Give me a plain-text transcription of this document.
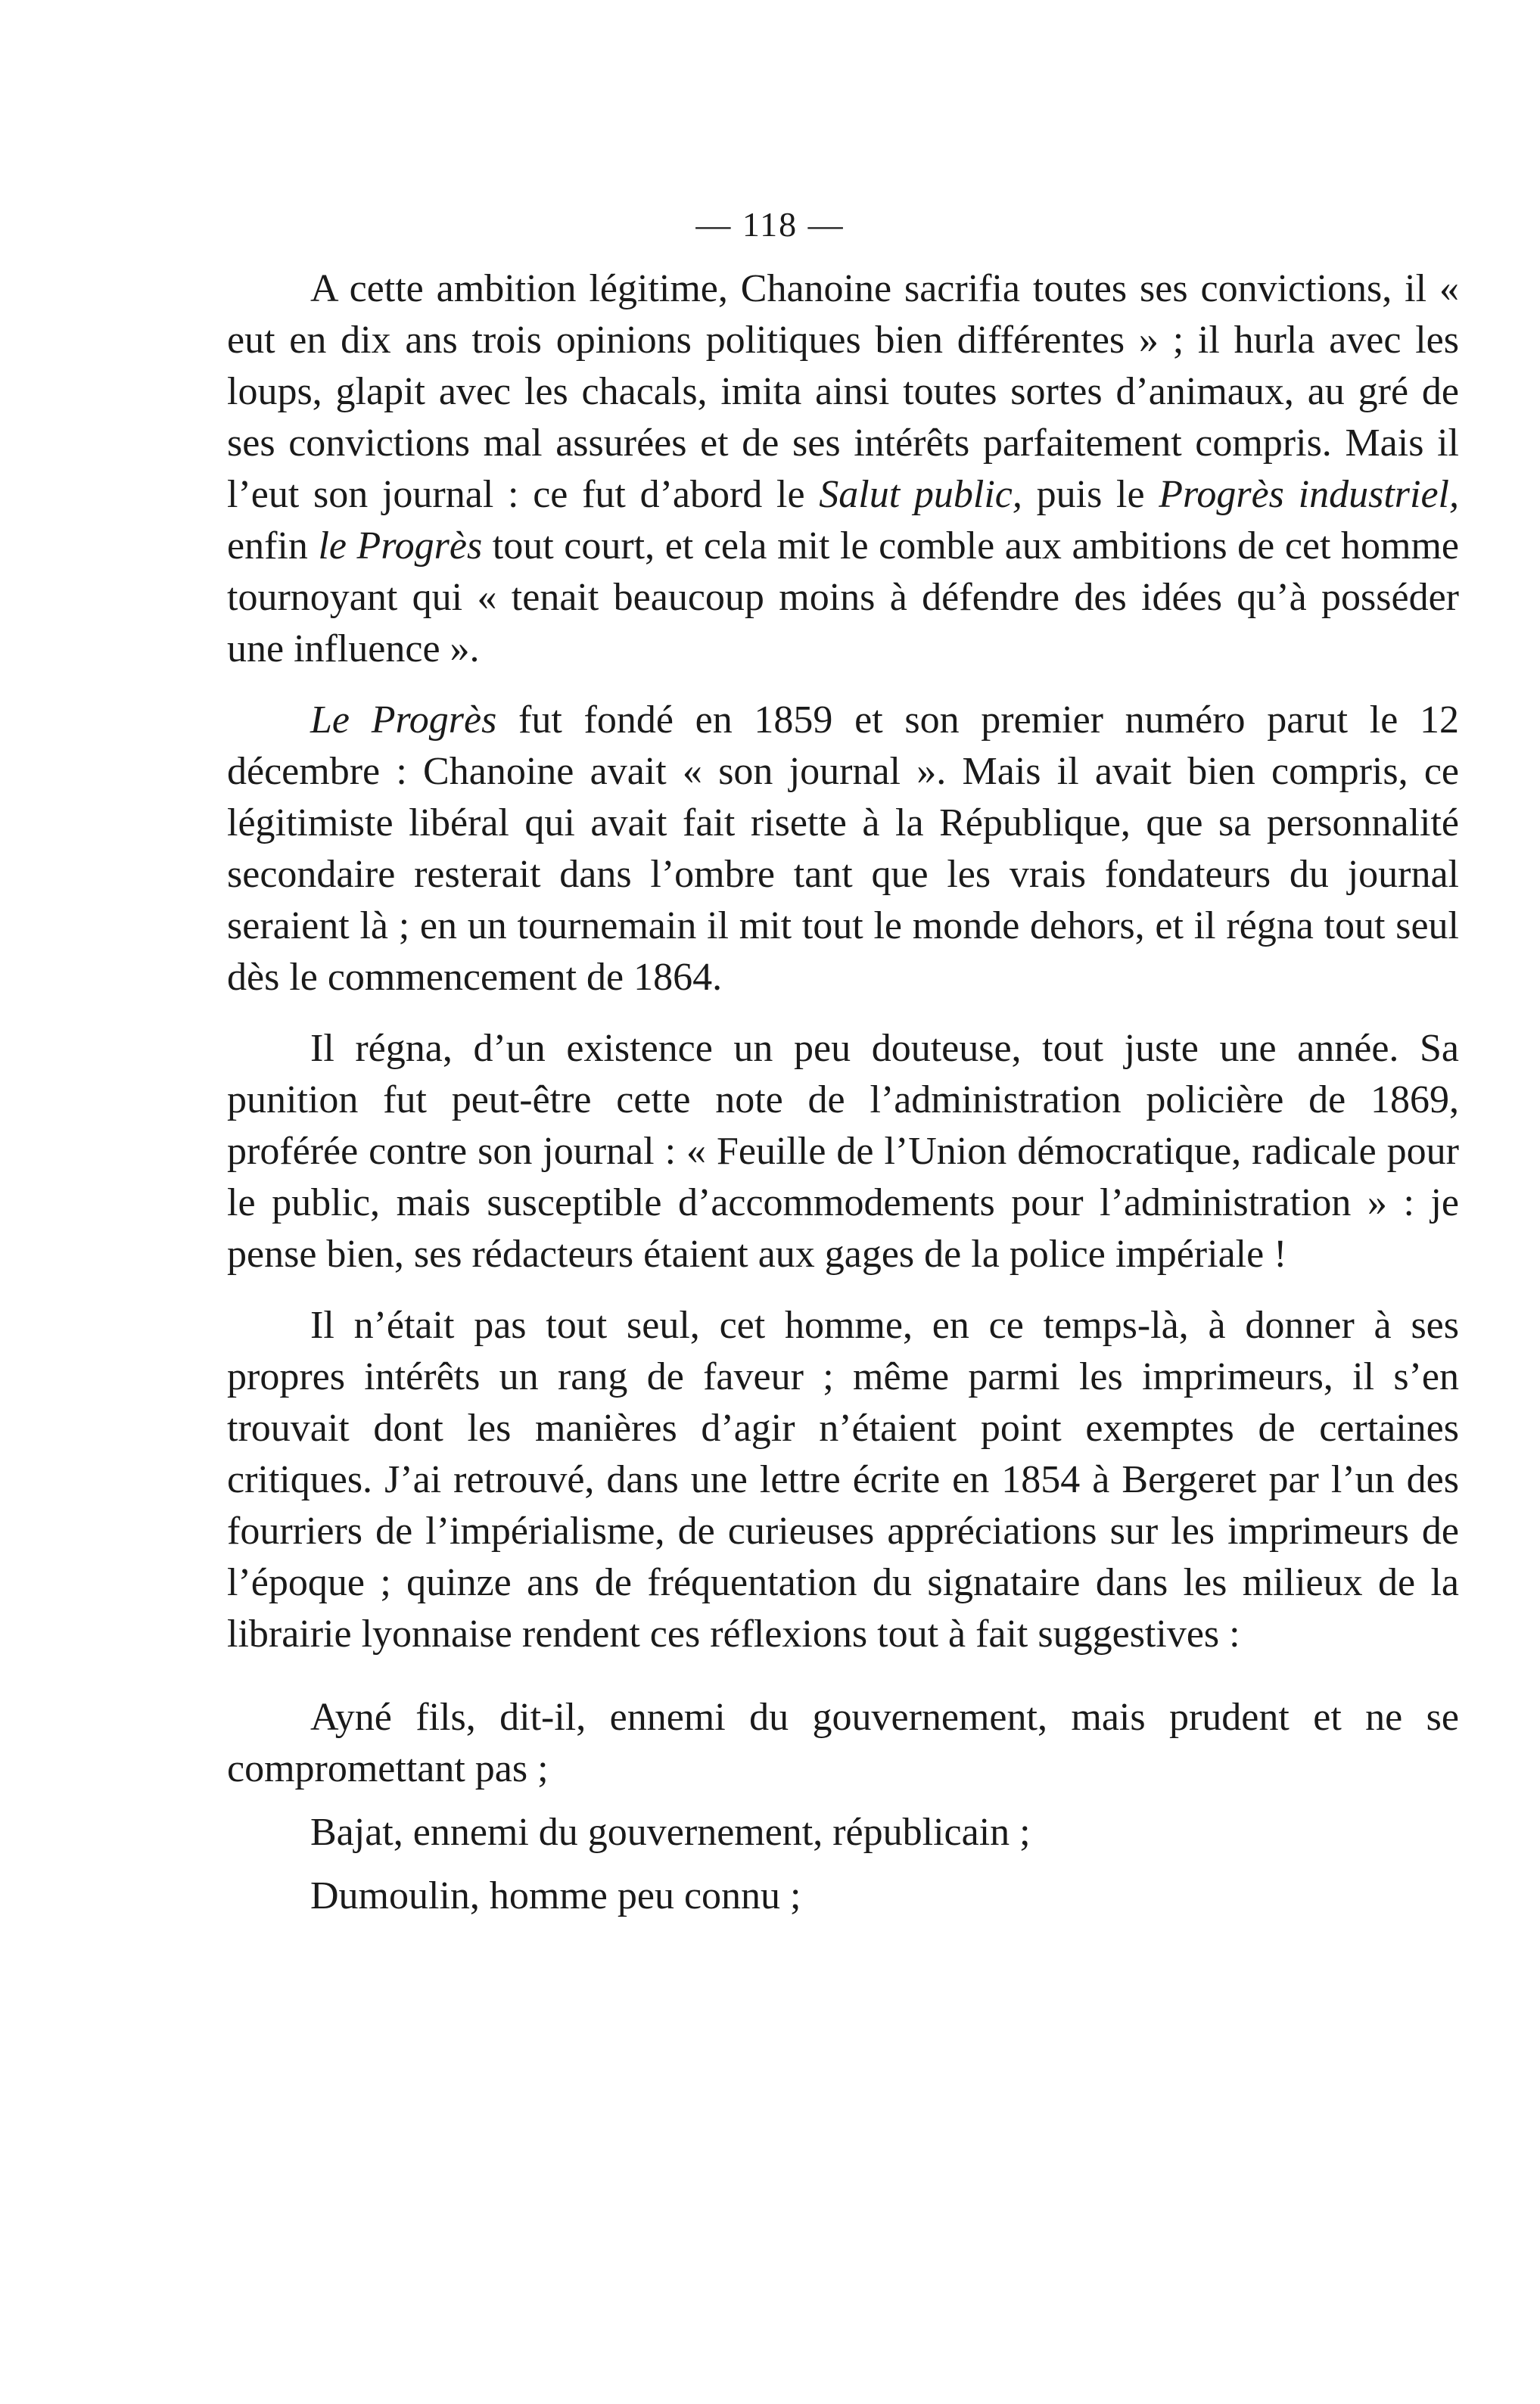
— 118 —

A cette ambition légitime, Chanoine sacrifia toutes ses convictions, il « eut en dix ans trois opinions politiques bien différentes » ; il hurla avec les loups, glapit avec les chacals, imita ainsi toutes sortes d’animaux, au gré de ses convictions mal assurées et de ses intérêts parfaitement compris. Mais il l’eut son journal : ce fut d’abord le Salut public, puis le Progrès industriel, enfin le Progrès tout court, et cela mit le comble aux ambitions de cet homme tournoyant qui « tenait beaucoup moins à défendre des idées qu’à posséder une influence ».

Le Progrès fut fondé en 1859 et son premier numéro parut le 12 décembre : Chanoine avait « son journal ». Mais il avait bien compris, ce légitimiste libéral qui avait fait risette à la République, que sa personnalité secondaire resterait dans l’ombre tant que les vrais fondateurs du journal seraient là ; en un tournemain il mit tout le monde dehors, et il régna tout seul dès le commencement de 1864.

Il régna, d’un existence un peu douteuse, tout juste une année. Sa punition fut peut-être cette note de l’administration policière de 1869, proférée contre son journal : « Feuille de l’Union démocratique, radicale pour le public, mais susceptible d’accommodements pour l’administration » : je pense bien, ses rédacteurs étaient aux gages de la police impériale !

Il n’était pas tout seul, cet homme, en ce temps-là, à donner à ses propres intérêts un rang de faveur ; même parmi les imprimeurs, il s’en trouvait dont les manières d’agir n’étaient point exemptes de certaines critiques. J’ai retrouvé, dans une lettre écrite en 1854 à Bergeret par l’un des fourriers de l’impérialisme, de curieuses appréciations sur les imprimeurs de l’époque ; quinze ans de fréquentation du signataire dans les milieux de la librairie lyonnaise rendent ces réflexions tout à fait suggestives :

Ayné fils, dit-il, ennemi du gouvernement, mais prudent et ne se compromettant pas ;

Bajat, ennemi du gouvernement, républicain ;

Dumoulin, homme peu connu ;
